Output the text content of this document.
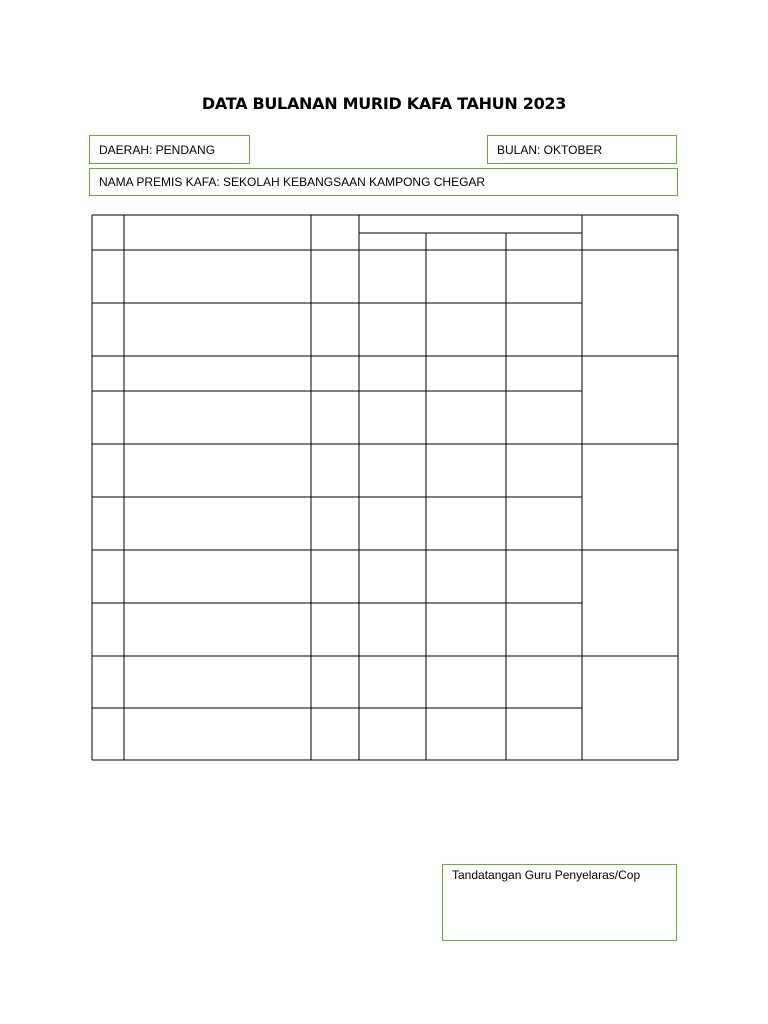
DATA BULANAN MURID KAFA TAHUN 2023
DAERAH: PENDANG	BULAN: OKTOBER
NAMA PREMIS KAFA: SEKOLAH KEBANGSAAN KAMPONG CHEGAR
Tandatangan Guru Penyelaras/Cop
